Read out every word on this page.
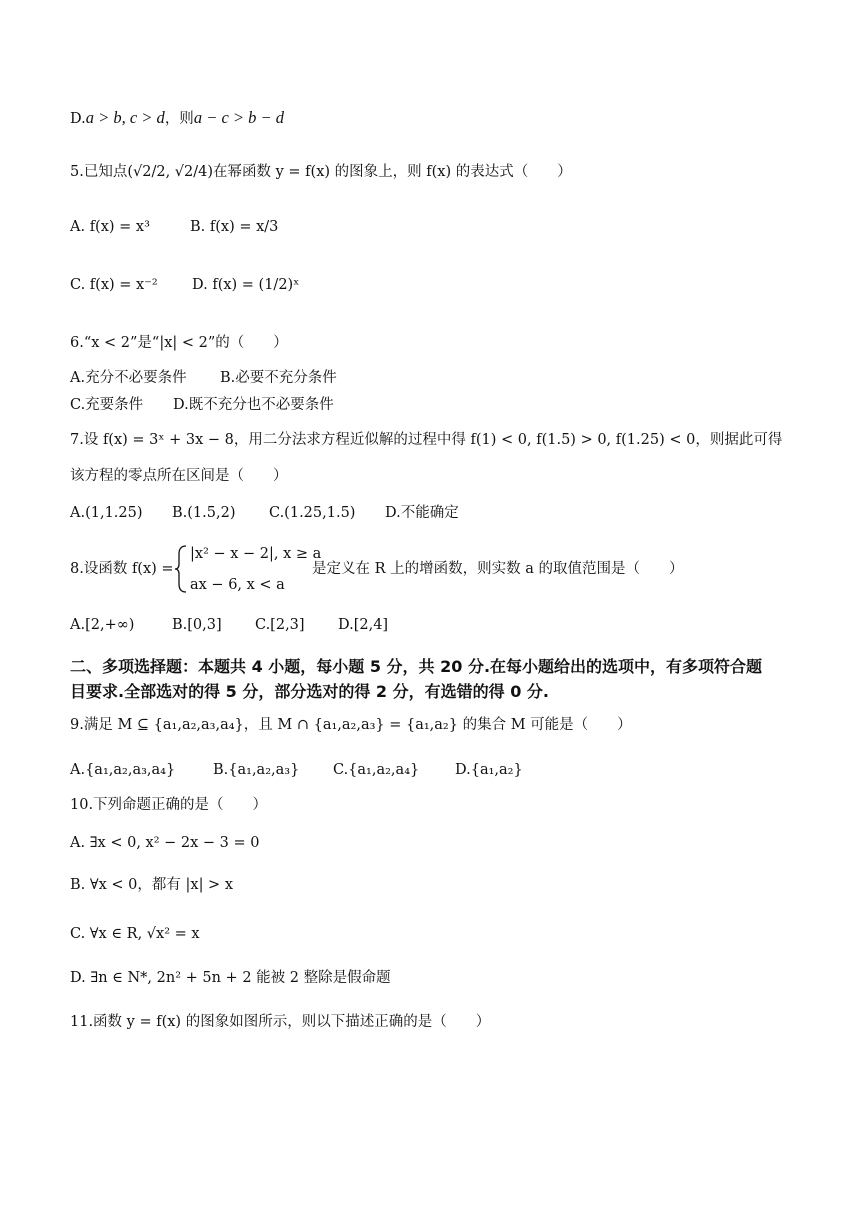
D.a > b, c > d，则a − c > b − d
5.已知点(√2/2, √2/4)在幂函数 y = f(x) 的图象上，则 f(x) 的表达式（　　）
A. f(x) = x³	B. f(x) = x/3
C. f(x) = x⁻² D. f(x) = (1/2)ˣ
6.“x < 2”是“|x| < 2”的（　　）
A.充分不必要条件 B.必要不充分条件
C.充要条件 D.既不充分也不必要条件
7.设 f(x) = 3ˣ + 3x − 8，用二分法求方程近似解的过程中得 f(1) < 0, f(1.5) > 0, f(1.25) < 0，则据此可得
该方程的零点所在区间是（　　）
A.(1,1.25) B.(1.5,2) C.(1.25,1.5) D.不能确定
8.设函数 f(x) =
|x² − x − 2|, x ≥ a
ax − 6, x < a
是定义在 R 上的增函数，则实数 a 的取值范围是（　　）
A.[2,+∞)	B.[0,3] C.[2,3] D.[2,4]
二、多项选择题：本题共 4 小题，每小题 5 分，共 20 分.在每小题给出的选项中，有多项符合题
目要求.全部选对的得 5 分，部分选对的得 2 分，有选错的得 0 分.
9.满足 M ⊆ {a₁,a₂,a₃,a₄}，且 M ∩ {a₁,a₂,a₃} = {a₁,a₂} 的集合 M 可能是（　　）
A.{a₁,a₂,a₃,a₄}	B.{a₁,a₂,a₃} C.{a₁,a₂,a₄} D.{a₁,a₂}
10.下列命题正确的是（　　）
A. ∃x < 0, x² − 2x − 3 = 0
B. ∀x < 0，都有 |x| > x
C. ∀x ∈ R, √x² = x
D. ∃n ∈ N*, 2n² + 5n + 2 能被 2 整除是假命题
11.函数 y = f(x) 的图象如图所示，则以下描述正确的是（　　）
